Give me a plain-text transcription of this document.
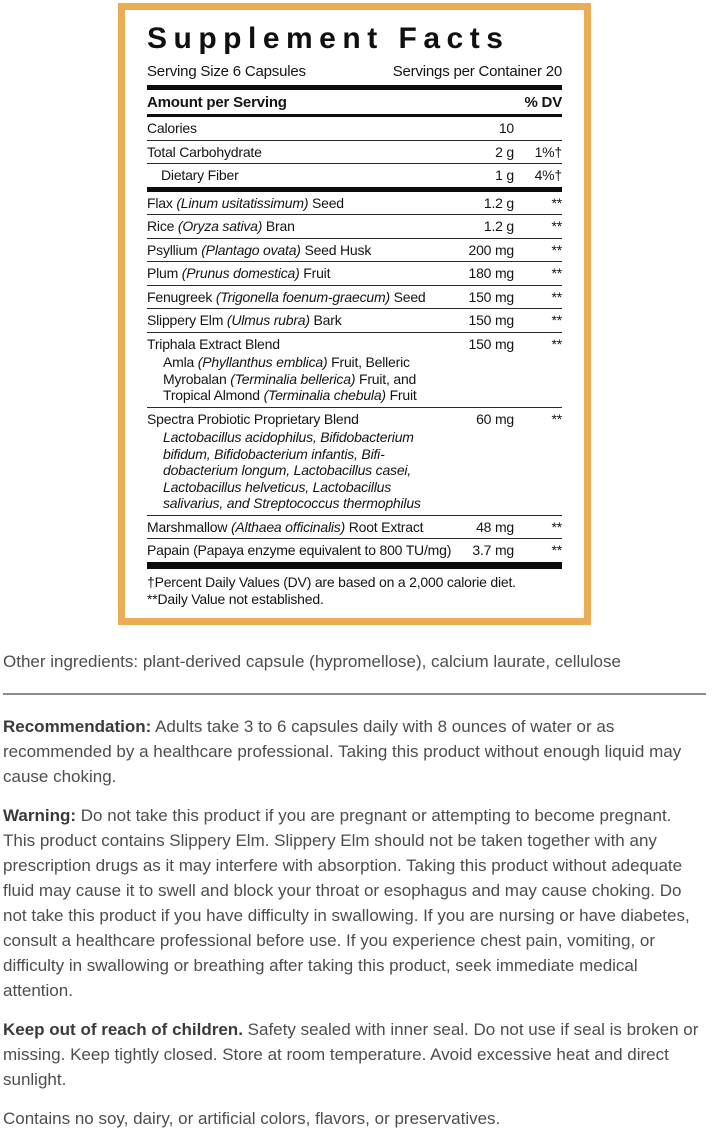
Supplement Facts
Serving Size 6 Capsules	Servings per Container 20
Amount per Serving	% DV
Calories	10
Total Carbohydrate	2 g	1%†
Dietary Fiber	1 g	4%†
Flax (Linum usitatissimum) Seed	1.2 g	**
Rice (Oryza sativa) Bran	1.2 g	**
Psyllium (Plantago ovata) Seed Husk	200 mg	**
Plum (Prunus domestica) Fruit	180 mg	**
Fenugreek (Trigonella foenum-graecum) Seed	150 mg	**
Slippery Elm (Ulmus rubra) Bark	150 mg	**
Triphala Extract Blend	150 mg	**
Amla (Phyllanthus emblica) Fruit, Belleric
Myrobalan (Terminalia bellerica) Fruit, and
Tropical Almond (Terminalia chebula) Fruit
Spectra Probiotic Proprietary Blend	60 mg	**
Lactobacillus acidophilus, Bifidobacterium
bifidum, Bifidobacterium infantis, Bifi-
dobacterium longum, Lactobacillus casei,
Lactobacillus helveticus, Lactobacillus
salivarius, and Streptococcus thermophilus
Marshmallow (Althaea officinalis) Root Extract	48 mg	**
Papain (Papaya enzyme equivalent to 800 TU/mg)	3.7 mg	**
†Percent Daily Values (DV) are based on a 2,000 calorie diet.
**Daily Value not established.

Other ingredients: plant-derived capsule (hypromellose), calcium laurate, cellulose

Recommendation: Adults take 3 to 6 capsules daily with 8 ounces of water or as recommended by a healthcare professional. Taking this product without enough liquid may cause choking.

Warning: Do not take this product if you are pregnant or attempting to become pregnant. This product contains Slippery Elm. Slippery Elm should not be taken together with any prescription drugs as it may interfere with absorption. Taking this product without adequate fluid may cause it to swell and block your throat or esophagus and may cause choking. Do not take this product if you have difficulty in swallowing. If you are nursing or have diabetes, consult a healthcare professional before use. If you experience chest pain, vomiting, or difficulty in swallowing or breathing after taking this product, seek immediate medical attention.

Keep out of reach of children. Safety sealed with inner seal. Do not use if seal is broken or missing. Keep tightly closed. Store at room temperature. Avoid excessive heat and direct sunlight.

Contains no soy, dairy, or artificial colors, flavors, or preservatives.
